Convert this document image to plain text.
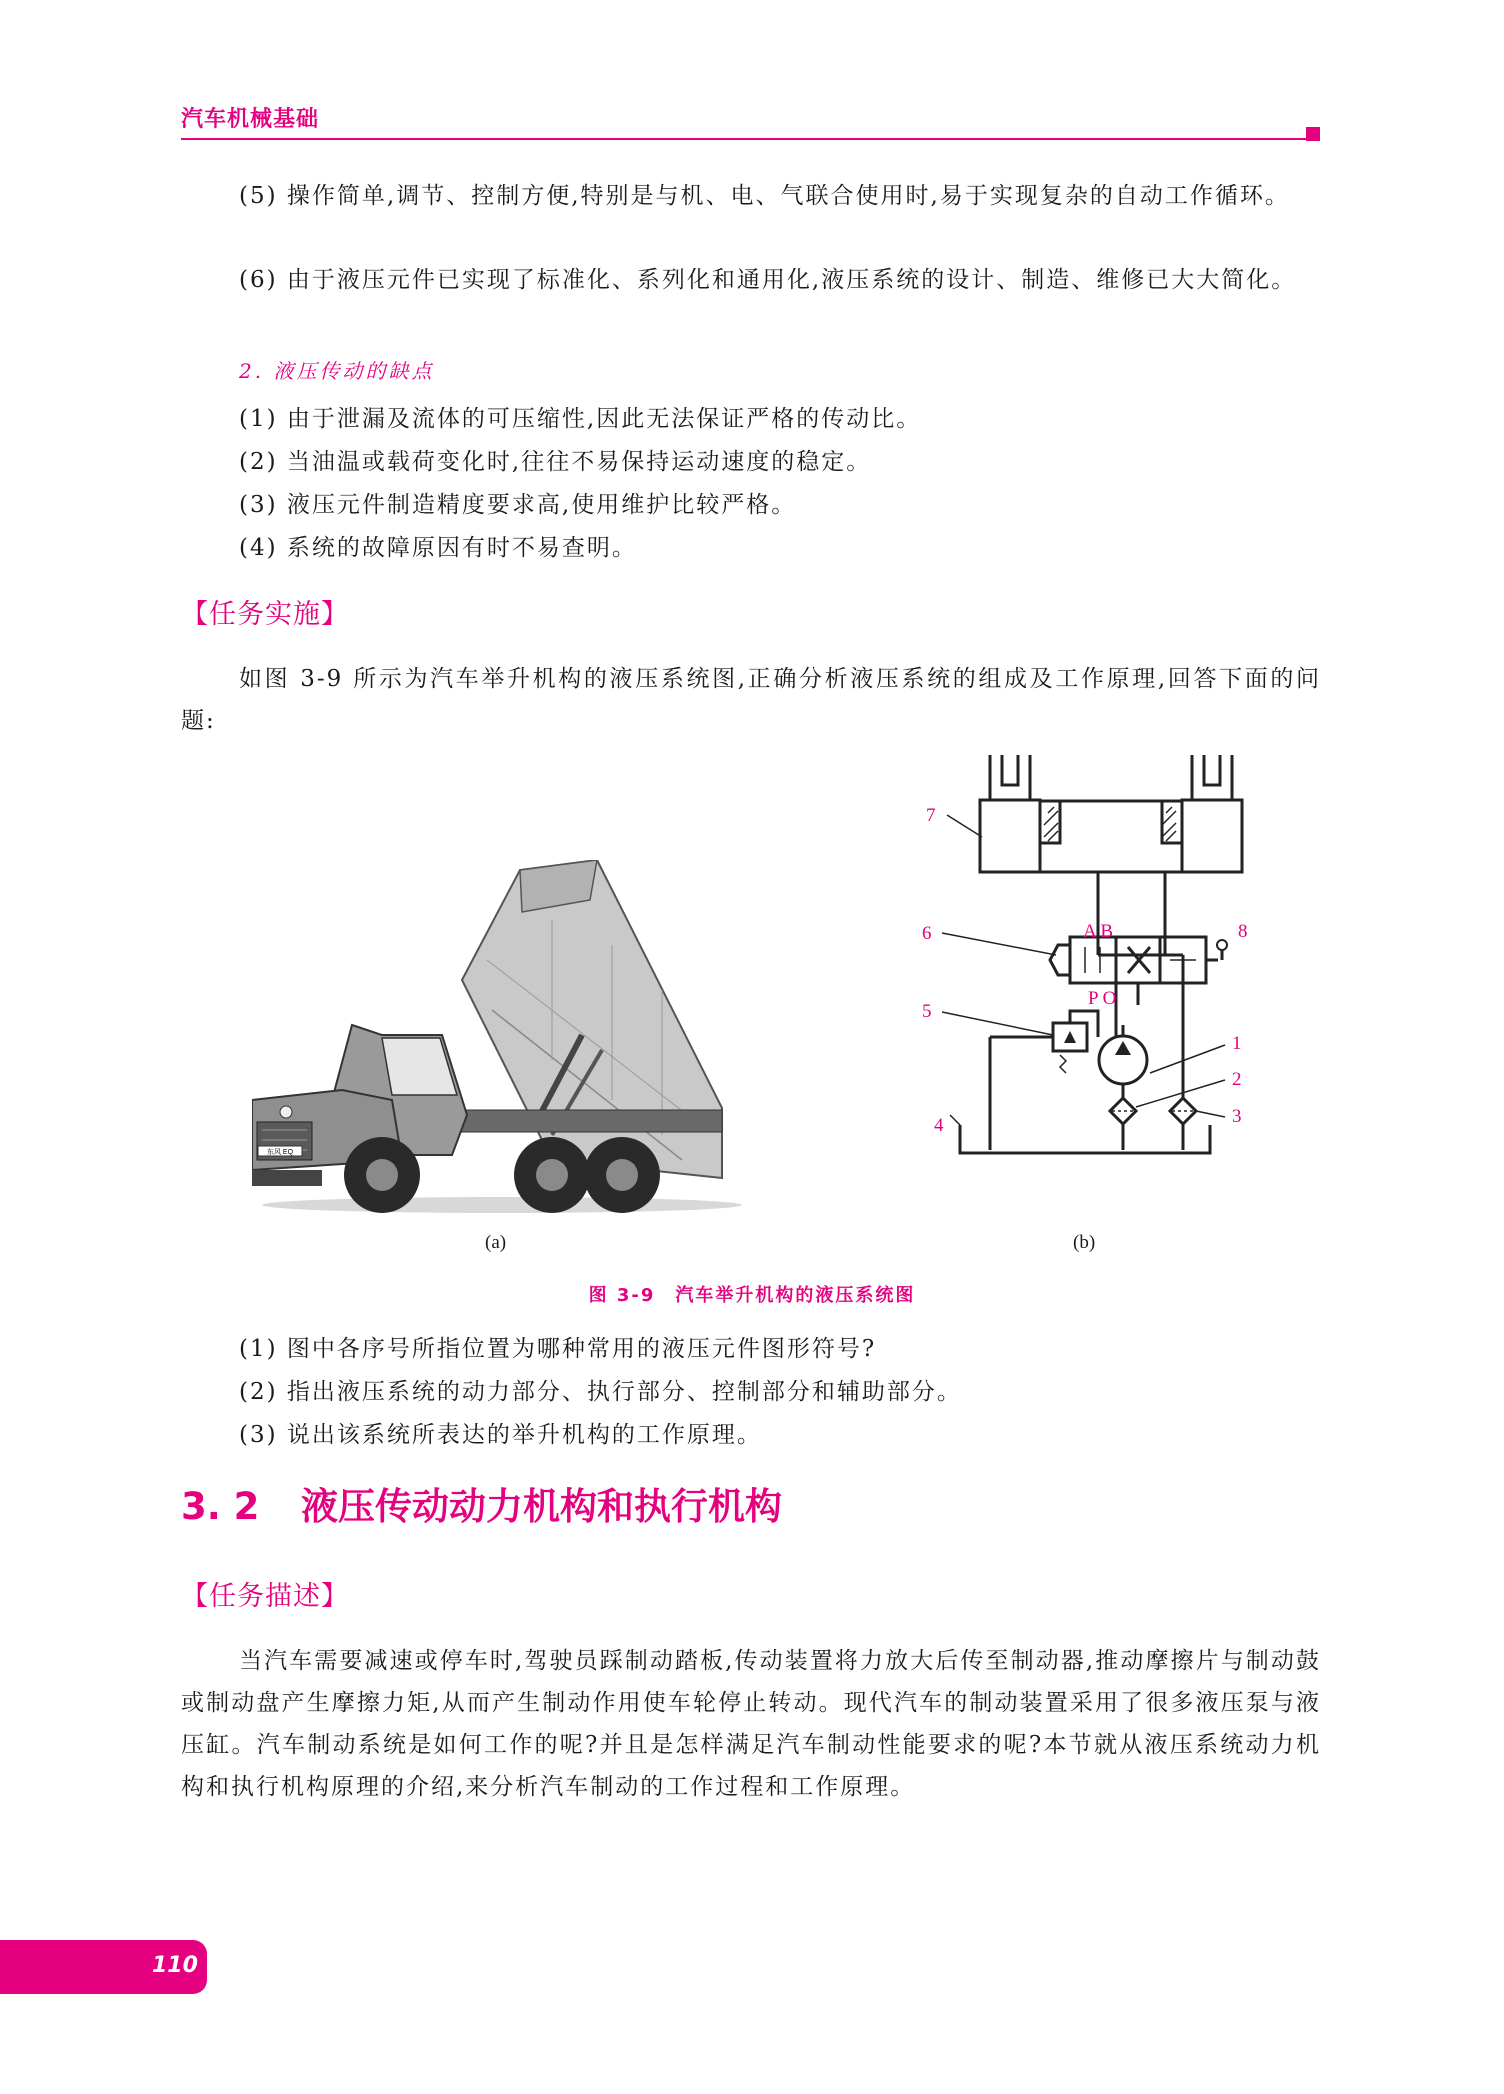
汽车机械基础
(5) 操作简单,调节、控制方便,特别是与机、电、气联合使用时,易于实现复杂的自动工作循环。
(6) 由于液压元件已实现了标准化、系列化和通用化,液压系统的设计、制造、维修已大大简化。
2. 液压传动的缺点
(1) 由于泄漏及流体的可压缩性,因此无法保证严格的传动比。
(2) 当油温或载荷变化时,往往不易保持运动速度的稳定。
(3) 液压元件制造精度要求高,使用维护比较严格。
(4) 系统的故障原因有时不易查明。
【任务实施】
如图 3-9 所示为汽车举升机构的液压系统图,正确分析液压系统的组成及工作原理,回答下面的问题:
东风 EQ
7
6
5
4
1
2
3
8
A B
P O
(a)	(b)
图 3-9　汽车举升机构的液压系统图
(1) 图中各序号所指位置为哪种常用的液压元件图形符号?
(2) 指出液压系统的动力部分、执行部分、控制部分和辅助部分。
(3) 说出该系统所表达的举升机构的工作原理。
3. 2 液压传动动力机构和执行机构
【任务描述】
当汽车需要减速或停车时,驾驶员踩制动踏板,传动装置将力放大后传至制动器,推动摩擦片与制动鼓或制动盘产生摩擦力矩,从而产生制动作用使车轮停止转动。现代汽车的制动装置采用了很多液压泵与液压缸。汽车制动系统是如何工作的呢?并且是怎样满足汽车制动性能要求的呢?本节就从液压系统动力机构和执行机构原理的介绍,来分析汽车制动的工作过程和工作原理。
110
